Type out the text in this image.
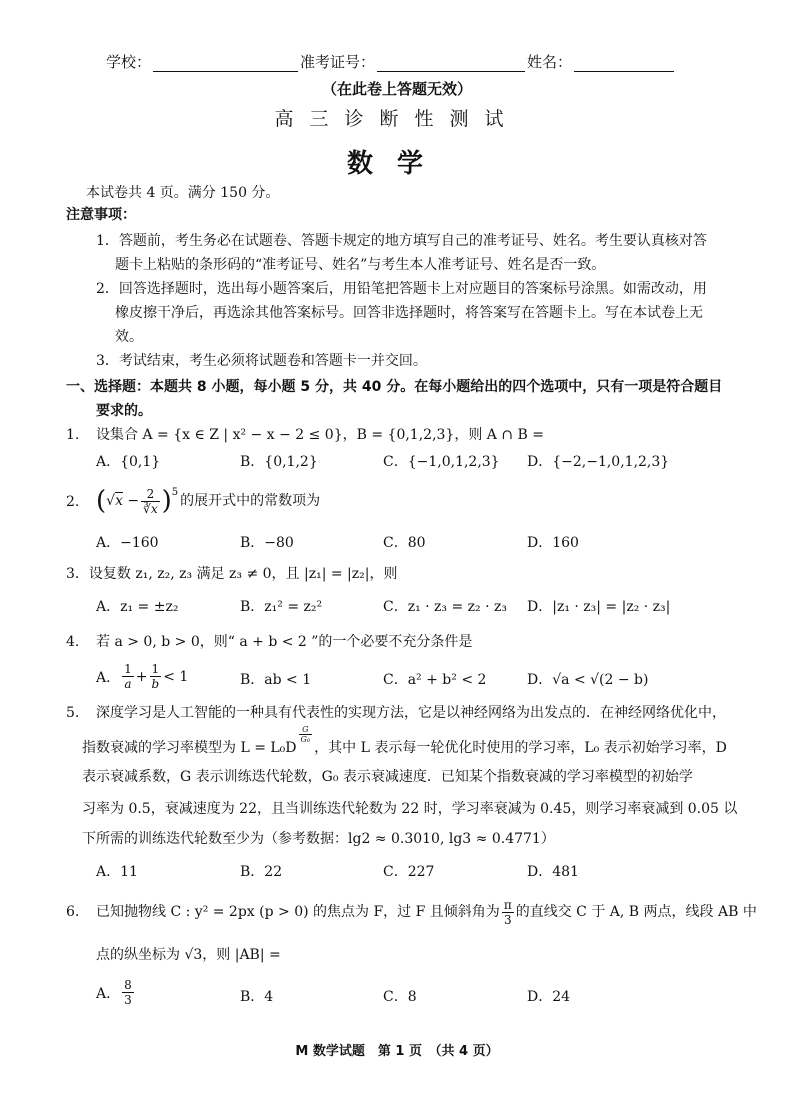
学校：	准考证号：	姓名：
（在此卷上答题无效）
高三诊断性测试
数学
本试卷共 4 页。满分 150 分。
注意事项：
1．答题前，考生务必在试题卷、答题卡规定的地方填写自己的准考证号、姓名。考生要认真核对答
题卡上粘贴的条形码的“准考证号、姓名”与考生本人准考证号、姓名是否一致。
2．回答选择题时，选出每小题答案后，用铅笔把答题卡上对应题目的答案标号涂黑。如需改动，用
橡皮擦干净后，再选涂其他答案标号。回答非选择题时，将答案写在答题卡上。写在本试卷上无
效。
3．考试结束，考生必须将试题卷和答题卡一并交回。
一、选择题：本题共 8 小题，每小题 5 分，共 40 分。在每小题给出的四个选项中，只有一项是符合题目
要求的。
1. 设集合 A = {x ∈ Z | x² − x − 2 ≤ 0}，B = {0,1,2,3}，则 A ∩ B =
A．{0,1}	B．{0,1,2}	C．{−1,0,1,2,3} D．{−2,−1,0,1,2,3}
2. ( $√x - \frac{2}{∛x}$ ) 5
的展开式中的常数项为
A．−160	B．−80	C．80	D．160
3．设复数 z₁, z₂, z₃ 满足 z₃ ≠ 0，且 |z₁| = |z₂|，则
A．z₁ = ±z₂	B．z₁² = z₂²	C．z₁ · z₃ = z₂ · z₃ D．|z₁ · z₃| = |z₂ · z₃|
4. 若 a > 0, b > 0，则“ a + b < 2 ”的一个必要不充分条件是
A． $\frac{1}{a} + \frac{1}{b} < 1$	B．ab < 1	C．a² + b² < 2	D．√a < √(2 − b)
5. 深度学习是人工智能的一种具有代表性的实现方法，它是以神经网络为出发点的．在神经网络优化中，
指数衰减的学习率模型为 L = L₀D
$\frac{G}{\text{G₀}}$
，其中 L 表示每一轮优化时使用的学习率，L₀ 表示初始学习率，D
表示衰减系数，G 表示训练迭代轮数，G₀ 表示衰减速度．已知某个指数衰减的学习率模型的初始学
习率为 0.5，衰减速度为 22，且当训练迭代轮数为 22 时，学习率衰减为 0.45，则学习率衰减到 0.05 以
下所需的训练迭代轮数至少为（参考数据：lg2 ≈ 0.3010, lg3 ≈ 0.4771）
A．11	B．22	C．227	D．481
6. 已知抛物线 C : y² = 2px (p > 0) 的焦点为 F，过 F 且倾斜角为 $\frac{\pi}{3}$ 的直线交 C 于 A, B 两点，线段 AB 中
点的纵坐标为 √3，则 |AB| =
A． $\frac{8}{3}$	B．4	C．8	D．24
M 数学试题　第 1 页　（共 4 页）
